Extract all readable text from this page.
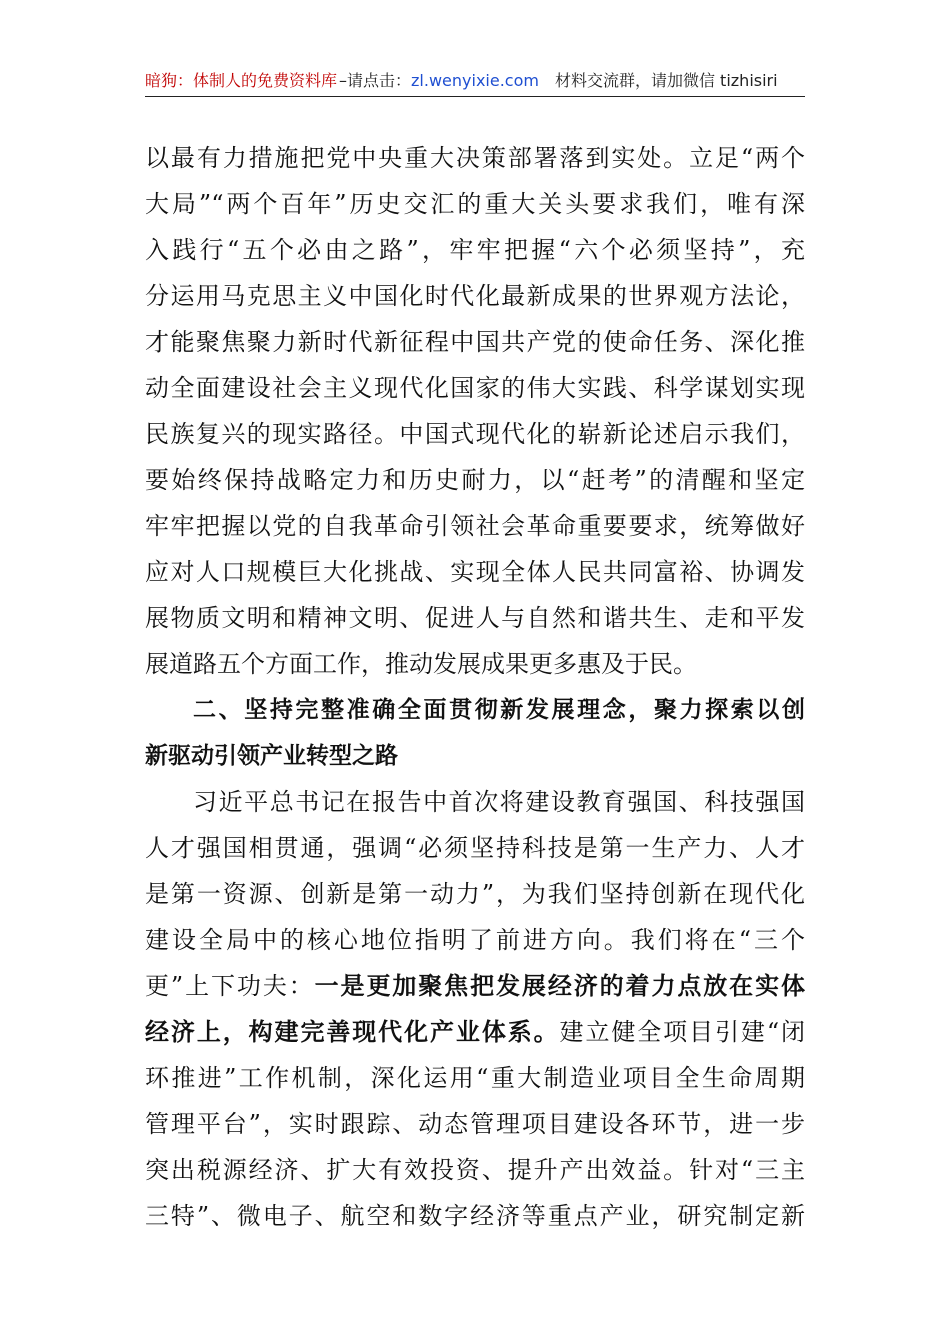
暗狗：体制人的免费资料库 –请点击：zl.wenyixie.com 材料交流群，请加微信 tizhisiri
以最有力措施把党中央重大决策部署落到实处。立足“两个
大局”“两个百年”历史交汇的重大关头要求我们，唯有深
入践行“五个必由之路”，牢牢把握“六个必须坚持”，充
分运用马克思主义中国化时代化最新成果的世界观方法论，
才能聚焦聚力新时代新征程中国共产党的使命任务、深化推
动全面建设社会主义现代化国家的伟大实践、科学谋划实现
民族复兴的现实路径。中国式现代化的崭新论述启示我们，
要始终保持战略定力和历史耐力，以“赶考”的清醒和坚定
牢牢把握以党的自我革命引领社会革命重要要求，统筹做好
应对人口规模巨大化挑战、实现全体人民共同富裕、协调发
展物质文明和精神文明、促进人与自然和谐共生、走和平发
展道路五个方面工作，推动发展成果更多惠及于民。
二、坚持完整准确全面贯彻新发展理念，聚力探索以创
新驱动引领产业转型之路
习近平总书记在报告中首次将建设教育强国、科技强国
人才强国相贯通，强调“必须坚持科技是第一生产力、人才
是第一资源、创新是第一动力”，为我们坚持创新在现代化
建设全局中的核心地位指明了前进方向。我们将在“三个
更”上下功夫：一是更加聚焦把发展经济的着力点放在实体
经济上，构建完善现代化产业体系。建立健全项目引建“闭
环推进”工作机制，深化运用“重大制造业项目全生命周期
管理平台”，实时跟踪、动态管理项目建设各环节，进一步
突出税源经济、扩大有效投资、提升产出效益。针对“三主
三特”、微电子、航空和数字经济等重点产业，研究制定新
